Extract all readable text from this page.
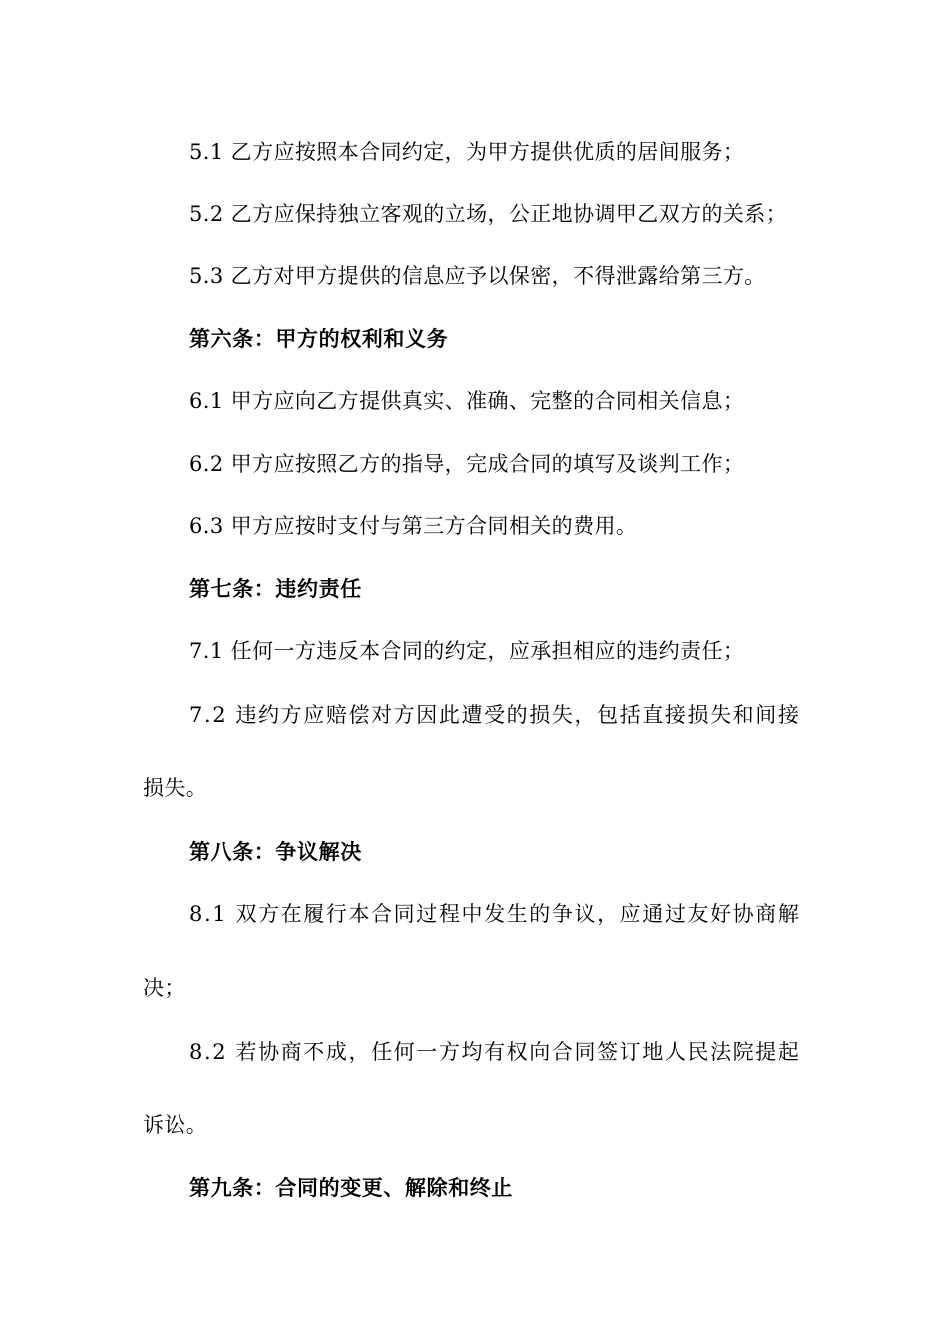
5.1 乙方应按照本合同约定，为甲方提供优质的居间服务；
5.2 乙方应保持独立客观的立场，公正地协调甲乙双方的关系；
5.3 乙方对甲方提供的信息应予以保密，不得泄露给第三方。
第六条：甲方的权利和义务
6.1 甲方应向乙方提供真实、准确、完整的合同相关信息；
6.2 甲方应按照乙方的指导，完成合同的填写及谈判工作；
6.3 甲方应按时支付与第三方合同相关的费用。
第七条：违约责任
7.1 任何一方违反本合同的约定，应承担相应的违约责任；
7.2 违约方应赔偿对方因此遭受的损失，包括直接损失和间接
损失。
第八条：争议解决
8.1 双方在履行本合同过程中发生的争议，应通过友好协商解
决；
8.2 若协商不成，任何一方均有权向合同签订地人民法院提起
诉讼。
第九条：合同的变更、解除和终止
